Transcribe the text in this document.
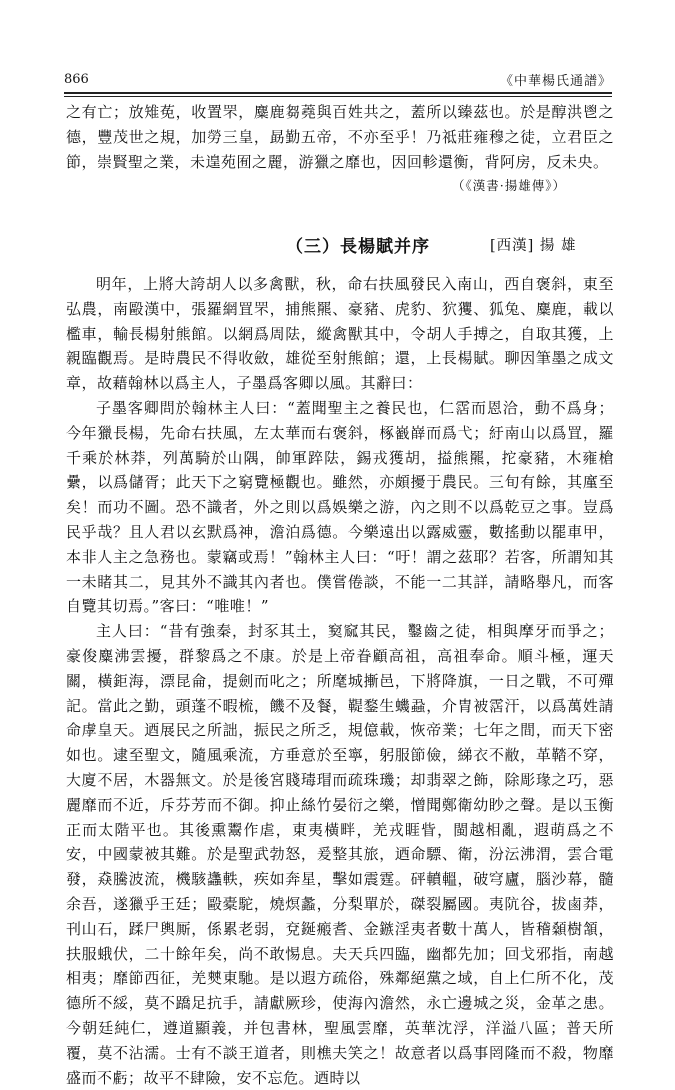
866	《中華楊氏通譜》

之有亡；放雉莬，收置罘，麋鹿芻蕘與百姓共之，蓋所以臻茲也。於是醇洪鬯之德，豐茂世之規，加勞三皇，勗勤五帝，不亦至乎！乃祗莊雍穆之徒，立君臣之節，崇賢聖之業，未遑苑囿之麗，游獵之靡也，因回軫還衡，背阿房，反未央。

（《漢書·揚雄傳》）

（三）長楊賦并序	[西漢] 揚 雄

明年，上將大誇胡人以多禽獸，秋，命右扶風發民入南山，西自褒斜，東至弘農，南毆漢中，張羅網罝罘，捕熊羆、豪豬、虎豹、狖玃、狐兔、麋鹿，載以檻車，輸長楊射熊館。以網爲周阹，縱禽獸其中，令胡人手搏之，自取其獲，上親臨觀焉。是時農民不得收斂，雄從至射熊館；還，上長楊賦。聊因筆墨之成文章，故藉翰林以爲主人，子墨爲客卿以風。其辭曰：

子墨客卿問於翰林主人曰：“蓋聞聖主之養民也，仁霑而恩洽，動不爲身；今年獵長楊，先命右扶風，左太華而右褒斜，椓巀嶭而爲弋；紆南山以爲罝，羅千乘於林莽，列萬騎於山隅，帥軍踤阹，錫戎獲胡，搤熊羆，拕豪豬，木雍槍纍，以爲儲胥；此天下之窮覽極觀也。雖然，亦頗擾于農民。三旬有餘，其廑至矣！而功不圖。恐不識者，外之則以爲娛樂之游，內之則不以爲乾豆之事。豈爲民乎哉？且人君以玄默爲神，澹泊爲德。今樂遠出以露威靈，數搖動以罷車甲，本非人主之急務也。蒙竊或焉！”翰林主人曰：“吁！謂之茲耶？若客，所謂知其一未睹其二，見其外不識其內者也。僕嘗倦談，不能一二其詳，請略舉凡，而客自覽其切焉。”客曰：“唯唯！”

主人曰：“昔有強秦，封豕其土，窫窳其民，鑿齒之徒，相與摩牙而爭之；豪俊麋沸雲擾，群黎爲之不康。於是上帝眷顧高祖，高祖奉命。順斗極，運天關，橫鉅海，漂昆侖，提劍而叱之；所麾城摲邑，下將降旗，一日之戰，不可殫記。當此之勤，頭蓬不暇梳，饑不及餐，鞮鍪生蟣蝨，介胄被霑汗，以爲萬姓請命虖皇天。迺展民之所詘，振民之所乏，規億載，恢帝業；七年之間，而天下密如也。逮至聖文，隨風乘流，方垂意於至寧，躬服節儉，綈衣不敝，革鞜不穿，大廈不居，木器無文。於是後宮賤瑇瑁而疏珠璣；却翡翠之飾，除彫瑑之巧，惡麗靡而不近，斥芬芳而不御。抑止絲竹晏衍之樂，憎聞鄭衛幼眇之聲。是以玉衡正而太階平也。其後熏鬻作虐，東夷橫畔，羌戎睚眥，閩越相亂，遐萌爲之不安，中國蒙被其難。於是聖武勃怒，爰整其旅，迺命驃、衛，汾沄沸渭，雲合電發，猋騰波流，機駭蠭軼，疾如奔星，擊如震霆。砰轒轀，破穹廬，腦沙幕，髓余吾，遂獵乎王廷；毆橐駝，燒熐蠡，分梨單於，磔裂屬國。夷阬谷，拔鹵莽，刊山石，蹂尸輿厮，係累老弱，兗鋋瘢耆、金鏃淫夷者數十萬人，皆稽顙樹頷，扶服蛾伏，二十餘年矣，尚不敢惕息。夫天兵四臨，幽都先加；回戈邪指，南越相夷；靡節西征，羌僰東馳。是以遐方疏俗，殊鄰絕黨之域，自上仁所不化，茂德所不綏，莫不蹻足抗手，請獻厥珍，使海內澹然，永亡邊城之災，金革之患。今朝廷純仁，遵道顯義，并包書林，聖風雲靡，英華沈浮，洋溢八區；普天所覆，莫不沾濡。士有不談王道者，則樵夫笑之！故意者以爲事罔隆而不殺，物靡盛而不虧；故平不肆險，安不忘危。迺時以
